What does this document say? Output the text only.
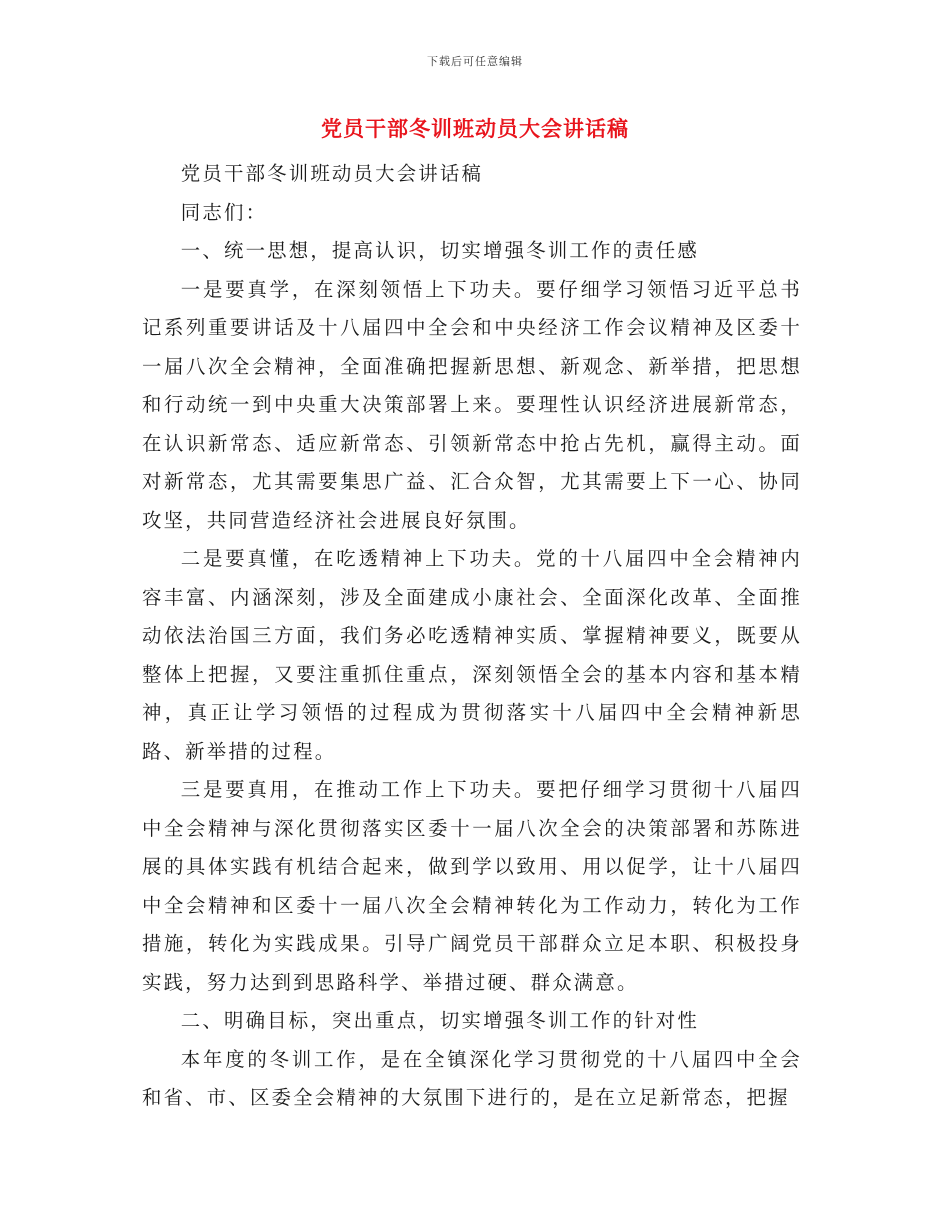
下载后可任意编辑
党员干部冬训班动员大会讲话稿

党员干部冬训班动员大会讲话稿

同志们：

一、统一思想，提高认识，切实增强冬训工作的责任感

一是要真学，在深刻领悟上下功夫。要仔细学习领悟习近平总书记系列重要讲话及十八届四中全会和中央经济工作会议精神及区委十一届八次全会精神，全面准确把握新思想、新观念、新举措，把思想和行动统一到中央重大决策部署上来。要理性认识经济进展新常态，在认识新常态、适应新常态、引领新常态中抢占先机，赢得主动。面对新常态，尤其需要集思广益、汇合众智，尤其需要上下一心、协同攻坚，共同营造经济社会进展良好氛围。

二是要真懂，在吃透精神上下功夫。党的十八届四中全会精神内容丰富、内涵深刻，涉及全面建成小康社会、全面深化改革、全面推动依法治国三方面，我们务必吃透精神实质、掌握精神要义，既要从整体上把握，又要注重抓住重点，深刻领悟全会的基本内容和基本精神，真正让学习领悟的过程成为贯彻落实十八届四中全会精神新思路、新举措的过程。

三是要真用，在推动工作上下功夫。要把仔细学习贯彻十八届四中全会精神与深化贯彻落实区委十一届八次全会的决策部署和苏陈进展的具体实践有机结合起来，做到学以致用、用以促学，让十八届四中全会精神和区委十一届八次全会精神转化为工作动力，转化为工作措施，转化为实践成果。引导广阔党员干部群众立足本职、积极投身实践，努力达到到思路科学、举措过硬、群众满意。

二、明确目标，突出重点，切实增强冬训工作的针对性

本年度的冬训工作，是在全镇深化学习贯彻党的十八届四中全会和省、市、区委全会精神的大氛围下进行的，是在立足新常态，把握
